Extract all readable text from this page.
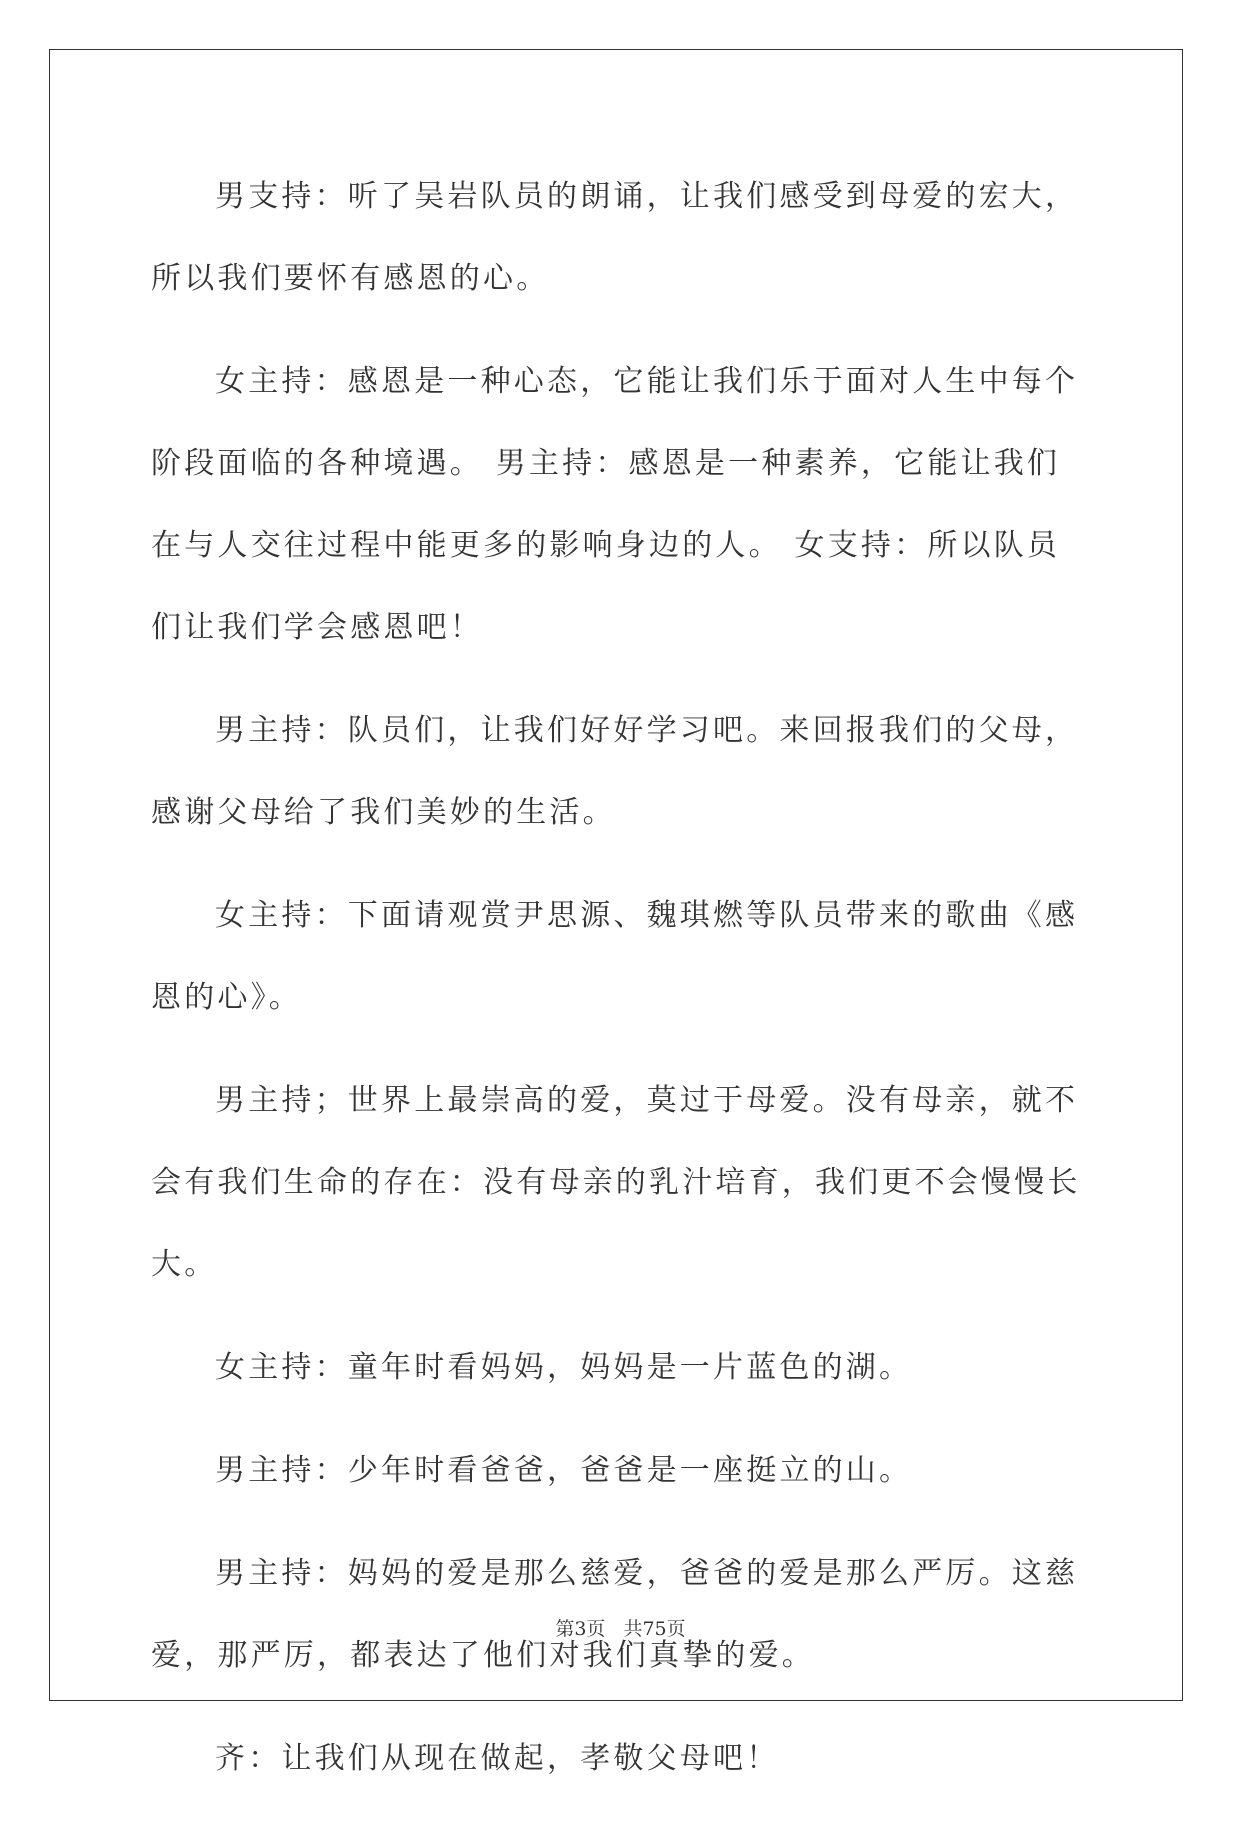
男支持：听了吴岩队员的朗诵，让我们感受到母爱的宏大，所以我们要怀有感恩的心。

女主持：感恩是一种心态，它能让我们乐于面对人生中每个阶段面临的各种境遇。 男主持：感恩是一种素养，它能让我们在与人交往过程中能更多的影响身边的人。 女支持：所以队员们让我们学会感恩吧！

男主持：队员们，让我们好好学习吧。来回报我们的父母，感谢父母给了我们美妙的生活。

女主持：下面请观赏尹思源、魏琪燃等队员带来的歌曲《感恩的心》。

男主持；世界上最崇高的爱，莫过于母爱。没有母亲，就不会有我们生命的存在：没有母亲的乳汁培育，我们更不会慢慢长大。

女主持：童年时看妈妈，妈妈是一片蓝色的湖。

男主持：少年时看爸爸，爸爸是一座挺立的山。

男主持：妈妈的爱是那么慈爱，爸爸的爱是那么严厉。这慈爱，那严厉，都表达了他们对我们真挚的爱。

齐：让我们从现在做起，孝敬父母吧！

第3页 共75页
